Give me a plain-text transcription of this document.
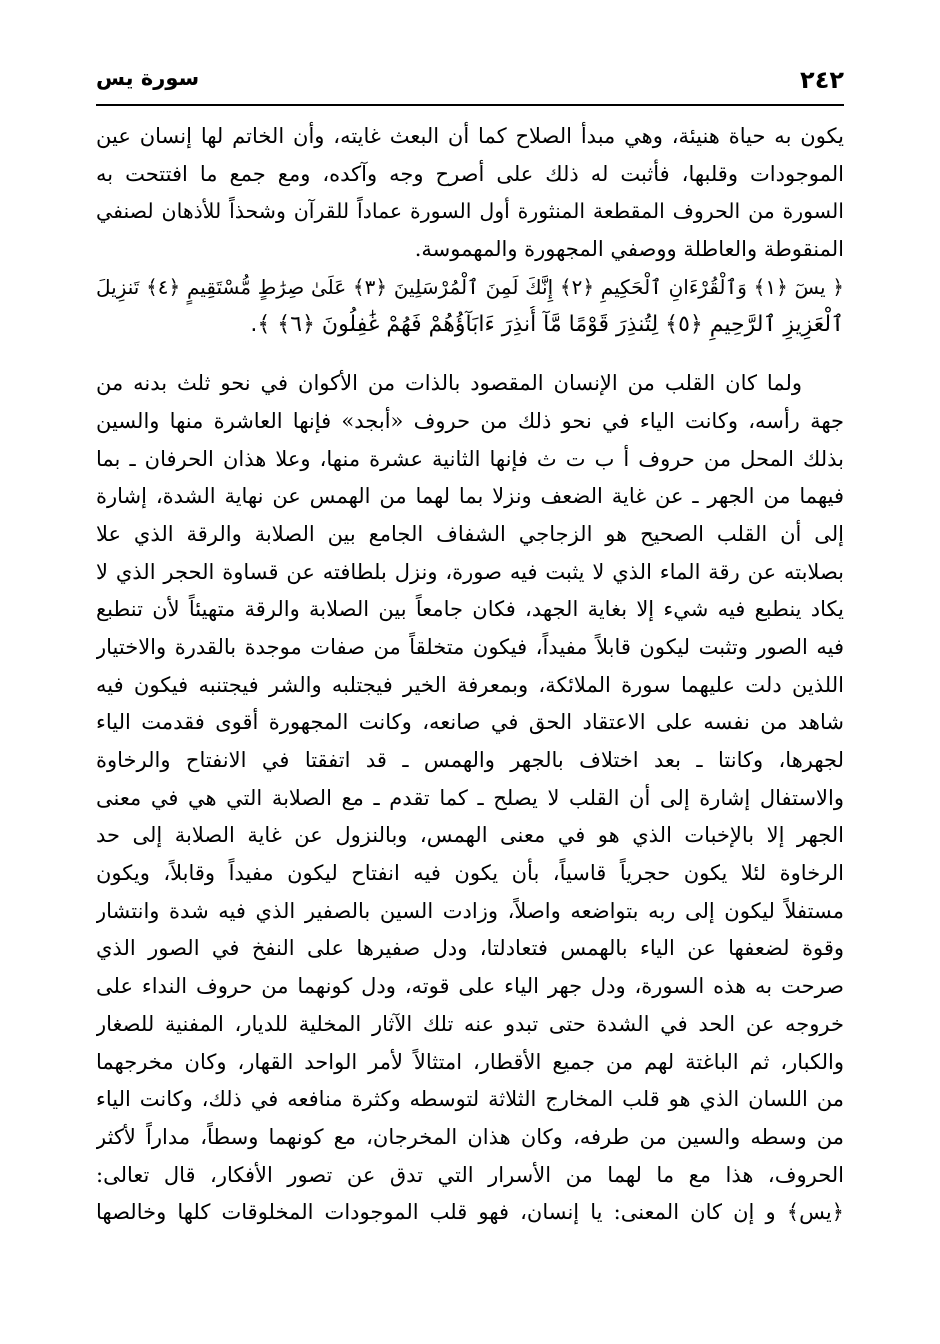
٢٤٢
سورة يس
يكون به حياة هنيئة، وهي مبدأ الصلاح كما أن البعث غايته، وأن الخاتم لها إنسان عين
الموجودات وقلبها، فأثبت له ذلك على أصرح وجه وآكده، ومع جمع ما افتتحت به
السورة من الحروف المقطعة المنثورة أول السورة عماداً للقرآن وشحذاً للأذهان لصنفي
المنقوطة والعاطلة ووصفي المجهورة والمهموسة.
﴿ يسٓ ﴿١﴾ وَٱلْقُرْءَانِ ٱلْحَكِيمِ ﴿٢﴾ إِنَّكَ لَمِنَ ٱلْمُرْسَلِينَ ﴿٣﴾ عَلَىٰ صِرَٰطٍ مُّسْتَقِيمٍ ﴿٤﴾ تَنزِيلَ
ٱلْعَزِيزِ ٱلرَّحِيمِ ﴿٥﴾ لِتُنذِرَ قَوْمًا مَّآ أُنذِرَ ءَابَآؤُهُمْ فَهُمْ غَٰفِلُونَ ﴿٦﴾ ﴾.
ولما كان القلب من الإنسان المقصود بالذات من الأكوان في نحو ثلث بدنه من
جهة رأسه، وكانت الياء في نحو ذلك من حروف «أبجد» فإنها العاشرة منها والسين
بذلك المحل من حروف أ ب ت ث فإنها الثانية عشرة منها، وعلا هذان الحرفان ـ بما
فيهما من الجهر ـ عن غاية الضعف ونزلا بما لهما من الهمس عن نهاية الشدة، إشارة
إلى أن القلب الصحيح هو الزجاجي الشفاف الجامع بين الصلابة والرقة الذي علا
بصلابته عن رقة الماء الذي لا يثبت فيه صورة، ونزل بلطافته عن قساوة الحجر الذي لا
يكاد ينطبع فيه شيء إلا بغاية الجهد، فكان جامعاً بين الصلابة والرقة متهيئاً لأن تنطبع
فيه الصور وتثبت ليكون قابلاً مفيداً، فيكون متخلقاً من صفات موجدة بالقدرة والاختيار
اللذين دلت عليهما سورة الملائكة، وبمعرفة الخير فيجتلبه والشر فيجتنبه فيكون فيه
شاهد من نفسه على الاعتقاد الحق في صانعه، وكانت المجهورة أقوى فقدمت الياء
لجهرها، وكانتا ـ بعد اختلاف بالجهر والهمس ـ قد اتفقتا في الانفتاح والرخاوة
والاستفال إشارة إلى أن القلب لا يصلح ـ كما تقدم ـ مع الصلابة التي هي في معنى
الجهر إلا بالإخبات الذي هو في معنى الهمس، وبالنزول عن غاية الصلابة إلى حد
الرخاوة لئلا يكون حجرياً قاسياً، بأن يكون فيه انفتاح ليكون مفيداً وقابلاً، ويكون
مستفلاً ليكون إلى ربه بتواضعه واصلاً، وزادت السين بالصفير الذي فيه شدة وانتشار
وقوة لضعفها عن الياء بالهمس فتعادلتا، ودل صفيرها على النفخ في الصور الذي
صرحت به هذه السورة، ودل جهر الياء على قوته، ودل كونهما من حروف النداء على
خروجه عن الحد في الشدة حتى تبدو عنه تلك الآثار المخلية للديار، المفنية للصغار
والكبار، ثم الباغتة لهم من جميع الأقطار، امتثالاً لأمر الواحد القهار، وكان مخرجهما
من اللسان الذي هو قلب المخارج الثلاثة لتوسطه وكثرة منافعه في ذلك، وكانت الياء
من وسطه والسين من طرفه، وكان هذان المخرجان، مع كونهما وسطاً، مداراً لأكثر
الحروف، هذا مع ما لهما من الأسرار التي تدق عن تصور الأفكار، قال تعالى:
﴿يس﴾ و إن كان المعنى: يا إنسان، فهو قلب الموجودات المخلوقات كلها وخالصها
